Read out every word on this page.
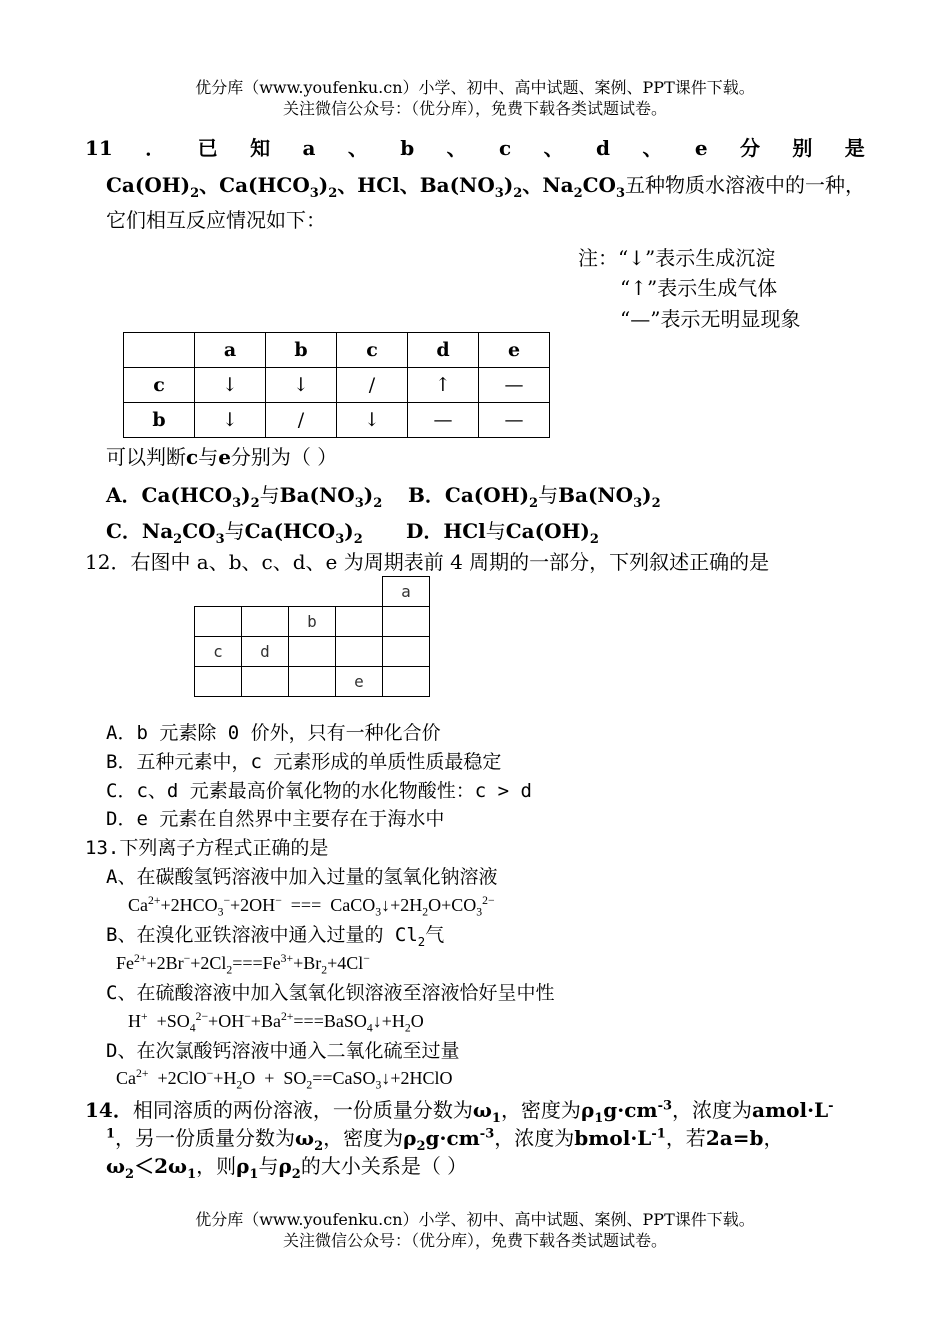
优分库（www.youfenku.cn）小学、初中、高中试题、案例、PPT课件下载。
关注微信公众号：（优分库），免费下载各类试题试卷。
11 ． 已 知 a 、 b 、 c 、 d 、 e 分 别 是
$Ca(OH)_2$、$Ca(HCO_3)_2$、HCl、$Ba(NO_3)_2$、$Na_2CO_3$五种物质水溶液中的一种，
它们相互反应情况如下：
注：“↓”表示生成沉淀
“↑”表示生成气体
“—”表示无明显现象
	a	b	c	d	e
c	↓	↓	/	↑	—
b	↓	/	↓	—	—
可以判断c与e分别为（ ）
A．$Ca(HCO_3)_2$与$Ba(NO_3)_2$ B．$Ca(OH)_2$与$Ba(NO_3)_2$
C．$Na_2CO_3$与$Ca(HCO_3)_2$ D．HCl与$Ca(OH)_2$
12．右图中 a、b、c、d、e 为周期表前 4 周期的一部分，下列叙述正确的是
				a
		b		
c	d			
			e	
A．b 元素除 0 价外，只有一种化合价
B．五种元素中，c 元素形成的单质性质最稳定
C．c、d 元素最高价氧化物的水化物酸性：c > d
D．e 元素在自然界中主要存在于海水中
13.下列离子方程式正确的是
A、在碳酸氢钙溶液中加入过量的氢氧化钠溶液
$Ca^{2+}+2HCO_3^-+2OH^-$  ===  $CaCO_3↓+2H_2O+CO_3^{2-}$
B、在溴化亚铁溶液中通入过量的 $Cl_2$气
$Fe^{2+}+2Br^-+2Cl_2===Fe^{3+}+Br_2+4Cl^-$
C、在硫酸溶液中加入氢氧化钡溶液至溶液恰好呈中性
$H^+ +SO_4^{2-}+OH^-+Ba^{2+}===BaSO_4↓+H_2O$
D、在次氯酸钙溶液中通入二氧化硫至过量
$Ca^{2+} +2ClO^-+H_2O$  +  $SO_2==CaSO_3↓+2HClO$
14．相同溶质的两份溶液，一份质量分数为$\omega_1$，密度为$\rho_1g\cdot cm^{-3}$，浓度为amol·L-
$^1$，另一份质量分数为$\omega_2$，密度为$\rho_2g\cdot cm^{-3}$，浓度为$bmol\cdot L^{-1}$，若2a=b，
$\omega_2<2\omega_1$，则$\rho_1$与$\rho_2$的大小关系是（ ）
优分库（www.youfenku.cn）小学、初中、高中试题、案例、PPT课件下载。
关注微信公众号：（优分库），免费下载各类试题试卷。
